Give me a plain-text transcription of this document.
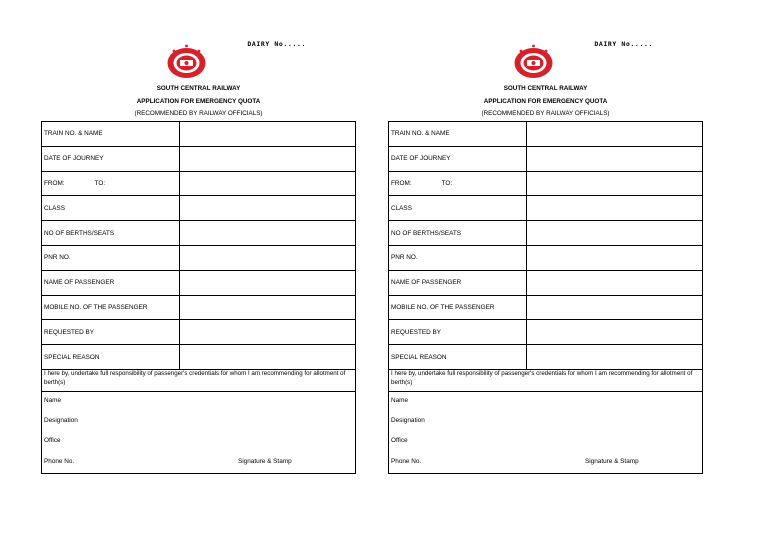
DAIRY No.....
SOUTH CENTRAL RAILWAY
APPLICATION FOR EMERGENCY QUOTA
(RECOMMENDED BY RAILWAY OFFICIALS)
TRAIN NO. & NAME	
DATE OF JOURNEY	
FROM: TO:	
CLASS	
NO OF BERTHS/SEATS	
PNR NO.	
NAME OF PASSENGER	
MOBILE NO. OF THE PASSENGER	
REQUESTED BY	
SPECIAL REASON	
I here by, undertake full responsibility of passenger's credentials for whom I am recommending for allotment of berth(s)
Name
Designation
Office
Phone No.	Signature & Stamp
DAIRY No.....
SOUTH CENTRAL RAILWAY
APPLICATION FOR EMERGENCY QUOTA
(RECOMMENDED BY RAILWAY OFFICIALS)
TRAIN NO. & NAME	
DATE OF JOURNEY	
FROM: TO:	
CLASS	
NO OF BERTHS/SEATS	
PNR NO.	
NAME OF PASSENGER	
MOBILE NO. OF THE PASSENGER	
REQUESTED BY	
SPECIAL REASON	
I here by, undertake full responsibility of passenger's credentials for whom I am recommending for allotment of berth(s)
Name
Designation
Office
Phone No.	Signature & Stamp
